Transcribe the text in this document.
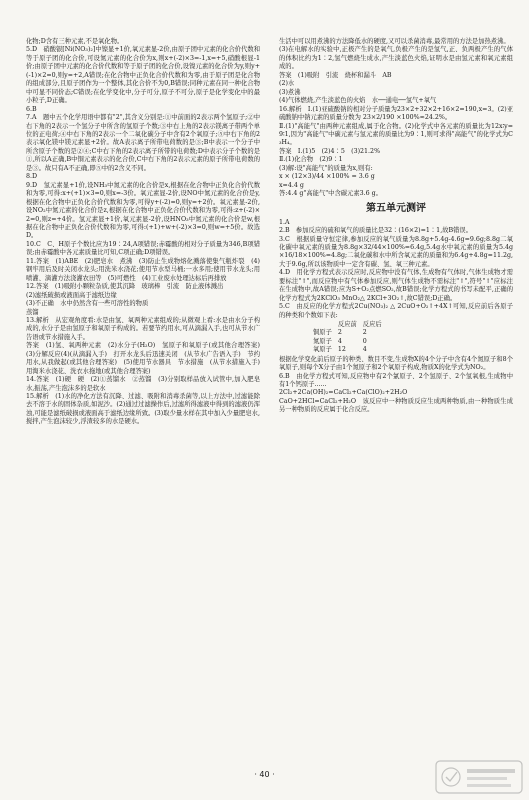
化物;D含有三种元素,不是氧化物。

5.D　硝酸银[Ni(NO₃)₂]中镍显+1价,氧元素显-2价,由原子团中元素的化合价代数和等于原子团的化合价,可设氮元素的化合价为x,则x+(-2)×3=-1,x=+5,硝酸根显-1价;由原子团中元素的化合价代数和等于原子团的化合价,设镍元素的化合价为y,则y+(-1)×2=0,则y=+2,A错误;在化合物中正负化合价代数和为零,由于原子团是化合物的组成部分,且原子团作为一个整体,其化合价不为0,B错误;同种元素在同一种化合物中可显不同价态;C错误;在化学变化中,分子可分,原子不可分,原子是化学变化中的最小粒子,D正确。

6.B

7.A　题中五个化学用语中都有"2",其含义分别是:①中前面的2表示两个氢原子;②中右下角的2表示一个氢分子中所含的氢原子个数;③中右上角的2表示镁离子带两个单位的正电荷;④中右下角的2表示一个二氧化碳分子中含有2个氧原子;⑤中右下角的2表示氧化镁中镁元素显+2价。故A表示离子所带电荷数的是③;B中表示一个分子中所含原子个数的是②④;C中右下角的2表示离子所带的电荷数;D中表示分子个数的是①,所以A正确,B中铜元素表示的化合价,C中右下角的2表示元素的原子所带电荷数的是③。故只有A不正确,即⑤中的2含义不同。

8.D

9.D　氢元素显+1价,设NH₃中氮元素的化合价是x,根据在化合物中正负化合价代数和为零,可得:x+(+1)×3=0,则x=-3价。氧元素显-2价,设NO中氮元素的化合价是y,根据在化合物中正负化合价代数和为零,可得y+(-2)=0,则y=+2价。氧元素显-2价,设NO₂中氮元素的化合价是z,根据在化合物中正负化合价代数和为零,可得:z+(-2)×2=0,则z=+4价。氢元素显+1价,氧元素显-2价,设HNO₃中氮元素的化合价是w,根据在化合物中正负化合价代数和为零,可得:(+1)+w+(-2)×3=0,则w=+5价。故选D。

10.C　C、H原子个数比应为19∶24,A项错误;赤霉酸的相对分子质量为346,B项错误;由赤霉酸中各元素质量比可知,C项正确;D项错误。

11.答案　(1)ABE　(2)肥皂水　煮沸　(3)防止生成物熔化溅落使集气瓶炸裂　(4)钢牢用后及时关闭水龙头;用洗米水浇花;使用节水型马桶;一水多用;使用节水龙头;用喷灌、滴灌方法浇灌农田等　(5)可燃性　(4)工业废水处理达标后再排放

12.答案　(1)吸附小颗粒杂质,使其沉降　玻璃棒　引流　防止液体溅出

(2)滤纸破损或液面高于滤纸边缘

(3)不正确　水中仍然含有一些可溶性的物质

蒸馏

13.解析　从宏观角度看:水是由氢、氧两种元素组成的;从微观上看:水是由水分子构成的,水分子是由氢原子和氧原子构成的。若要节约用水,可从滴漏入手,也可从节水广告语或节水措施入手。

答案　(1)氢、氧两种元素　(2)水分子(H₂O)　氢原子和氧原子(或其他合理答案)　(3)分解反应(4)(从滴漏入手)　打开水龙头后迅速关闭　(从节水广告语入手)　节约用水,从我做起(或其他合理答案)　(5)使用节水器具　节水措施　(从节水措施入手)　用淘米水浇花、洗衣水拖地(或其他合理答案)

14.答案　(1)硬　硬　(2)①蒸馏水　②蒸馏　(3)分别取样品放入试管中,加入肥皂水,振荡,产生泡沫多的是软水

15.解析　(1)水的净化方法有沉降、过滤、吸附和消毒杀菌等,以上方法中,过滤能除去不溶于水的固体杂质,如泥沙。(2)通过过滤操作后,过滤所得滤液中得到的滤液仍浑浊,可能是滤纸破损或液面高于滤纸边缘所致。(3)取少量水样在其中加入少量肥皂水,搅拌,产生泡沫较少,浮渣较多的水是硬水。

生活中可以用煮沸的方法降低水的硬度,又可以杀菌消毒,最常用的方法是加热煮沸。

(3)在电解水的实验中,正极产生的是氧气,负极产生的是氢气,正、负两极产生的气体的体积比约为1∶2,氢气燃烧生成水,产生淡蓝色火焰,证明水是由氢元素和氧元素组成的。

答案　(1)吸附　引流　烧杯和漏斗　AB

(2)水

(3)煮沸

(4)气体燃烧,产生淡蓝色的火焰　水──通电──氢气+氧气

16.解析　Ⅰ.(1)亚硫酸钠的相对分子质量为23×2+32×2+16×2=190,x=3。(2)亚硫酸钠中钠元素的质量分数为 23×2/190 ×100%≈24.2%。

Ⅱ.(1)"高能气"由两种元素组成,属于化合物。(2)化学式中各元素的质量比为12x∶y=9∶1,因为"高能气"中碳元素与氢元素的质量比为9∶1,则可求得"高能气"的化学式为C₃H₄。

答案　Ⅰ.(1)5　(2)4∶5　(3)21.2%

Ⅱ.(1)化合物　(2)9∶1

(3)解:设"高能气"的质量为x,则有:

x × (12×3)/44 ×100% = 3.6 g

x=4.4 g

答:4.4 g"高能气"中含碳元素3.6 g。

第五单元测评

1.A

2.B　参加反应的硫和氧气的质量比是32∶(16×2)=1∶1,故B错误。

3.C　根据质量守恒定律,参加反应的氧气质量为8.8g+5.4g-4.6g=9.6g;8.8g二氧化碳中氧元素的质量为8.8g×32/44×100%=6.4g,5.4g水中氧元素的质量为5.4g×16/18×100%=4.8g;二氧化碳和水中所含氧元素的质量和为6.4g+4.8g=11.2g,大于9.6g,所以该物质中一定含有碳、氢、氧三种元素。

4.D　用化学方程式表示反应时,反应物中没有气体,生成物有气体时,气体生成物才需要标注"↑",而反应物中有气体参加反应,则气体生成物不需标注"↑",符号"↑"应标注在生成物中,故A错误;应为S+O₂点燃SO₂,故B错误;化学方程式的书写未配平,正确的化学方程式为2KClO₃ MnO₂△ 2KCl+3O₂↑,故C错误;D正确。

5.C　由反应的化学方程式2Cu(NO₃)₂ △ 2CuO+O₂↑+4X↑可知,反应前后各原子的种类和个数如下表:

	反应前	反应后
铜原子	2	2
氮原子	4	0
氧原子	12	4

根据化学变化前后原子的种类、数目不变,生成物X的4个分子中含有4个氮原子和8个氧原子,则每个X分子由1个氮原子和2个氧原子构成,物质X的化学式为NO₂。

6.B　由化学方程式可知,反应物中有2个氯原子、2个氢原子、2个氢氧根,生成物中有1个钙原子......

2Cl₂+2Ca(OH)₂=CaCl₂+Ca(ClO)₂+2H₂O

CaO+2HCl=CaCl₂+H₂O　该反应中一种物质反应生成两种物质,由一种物质生成另一种物质的反应属于化合反应。

· 40 ·
